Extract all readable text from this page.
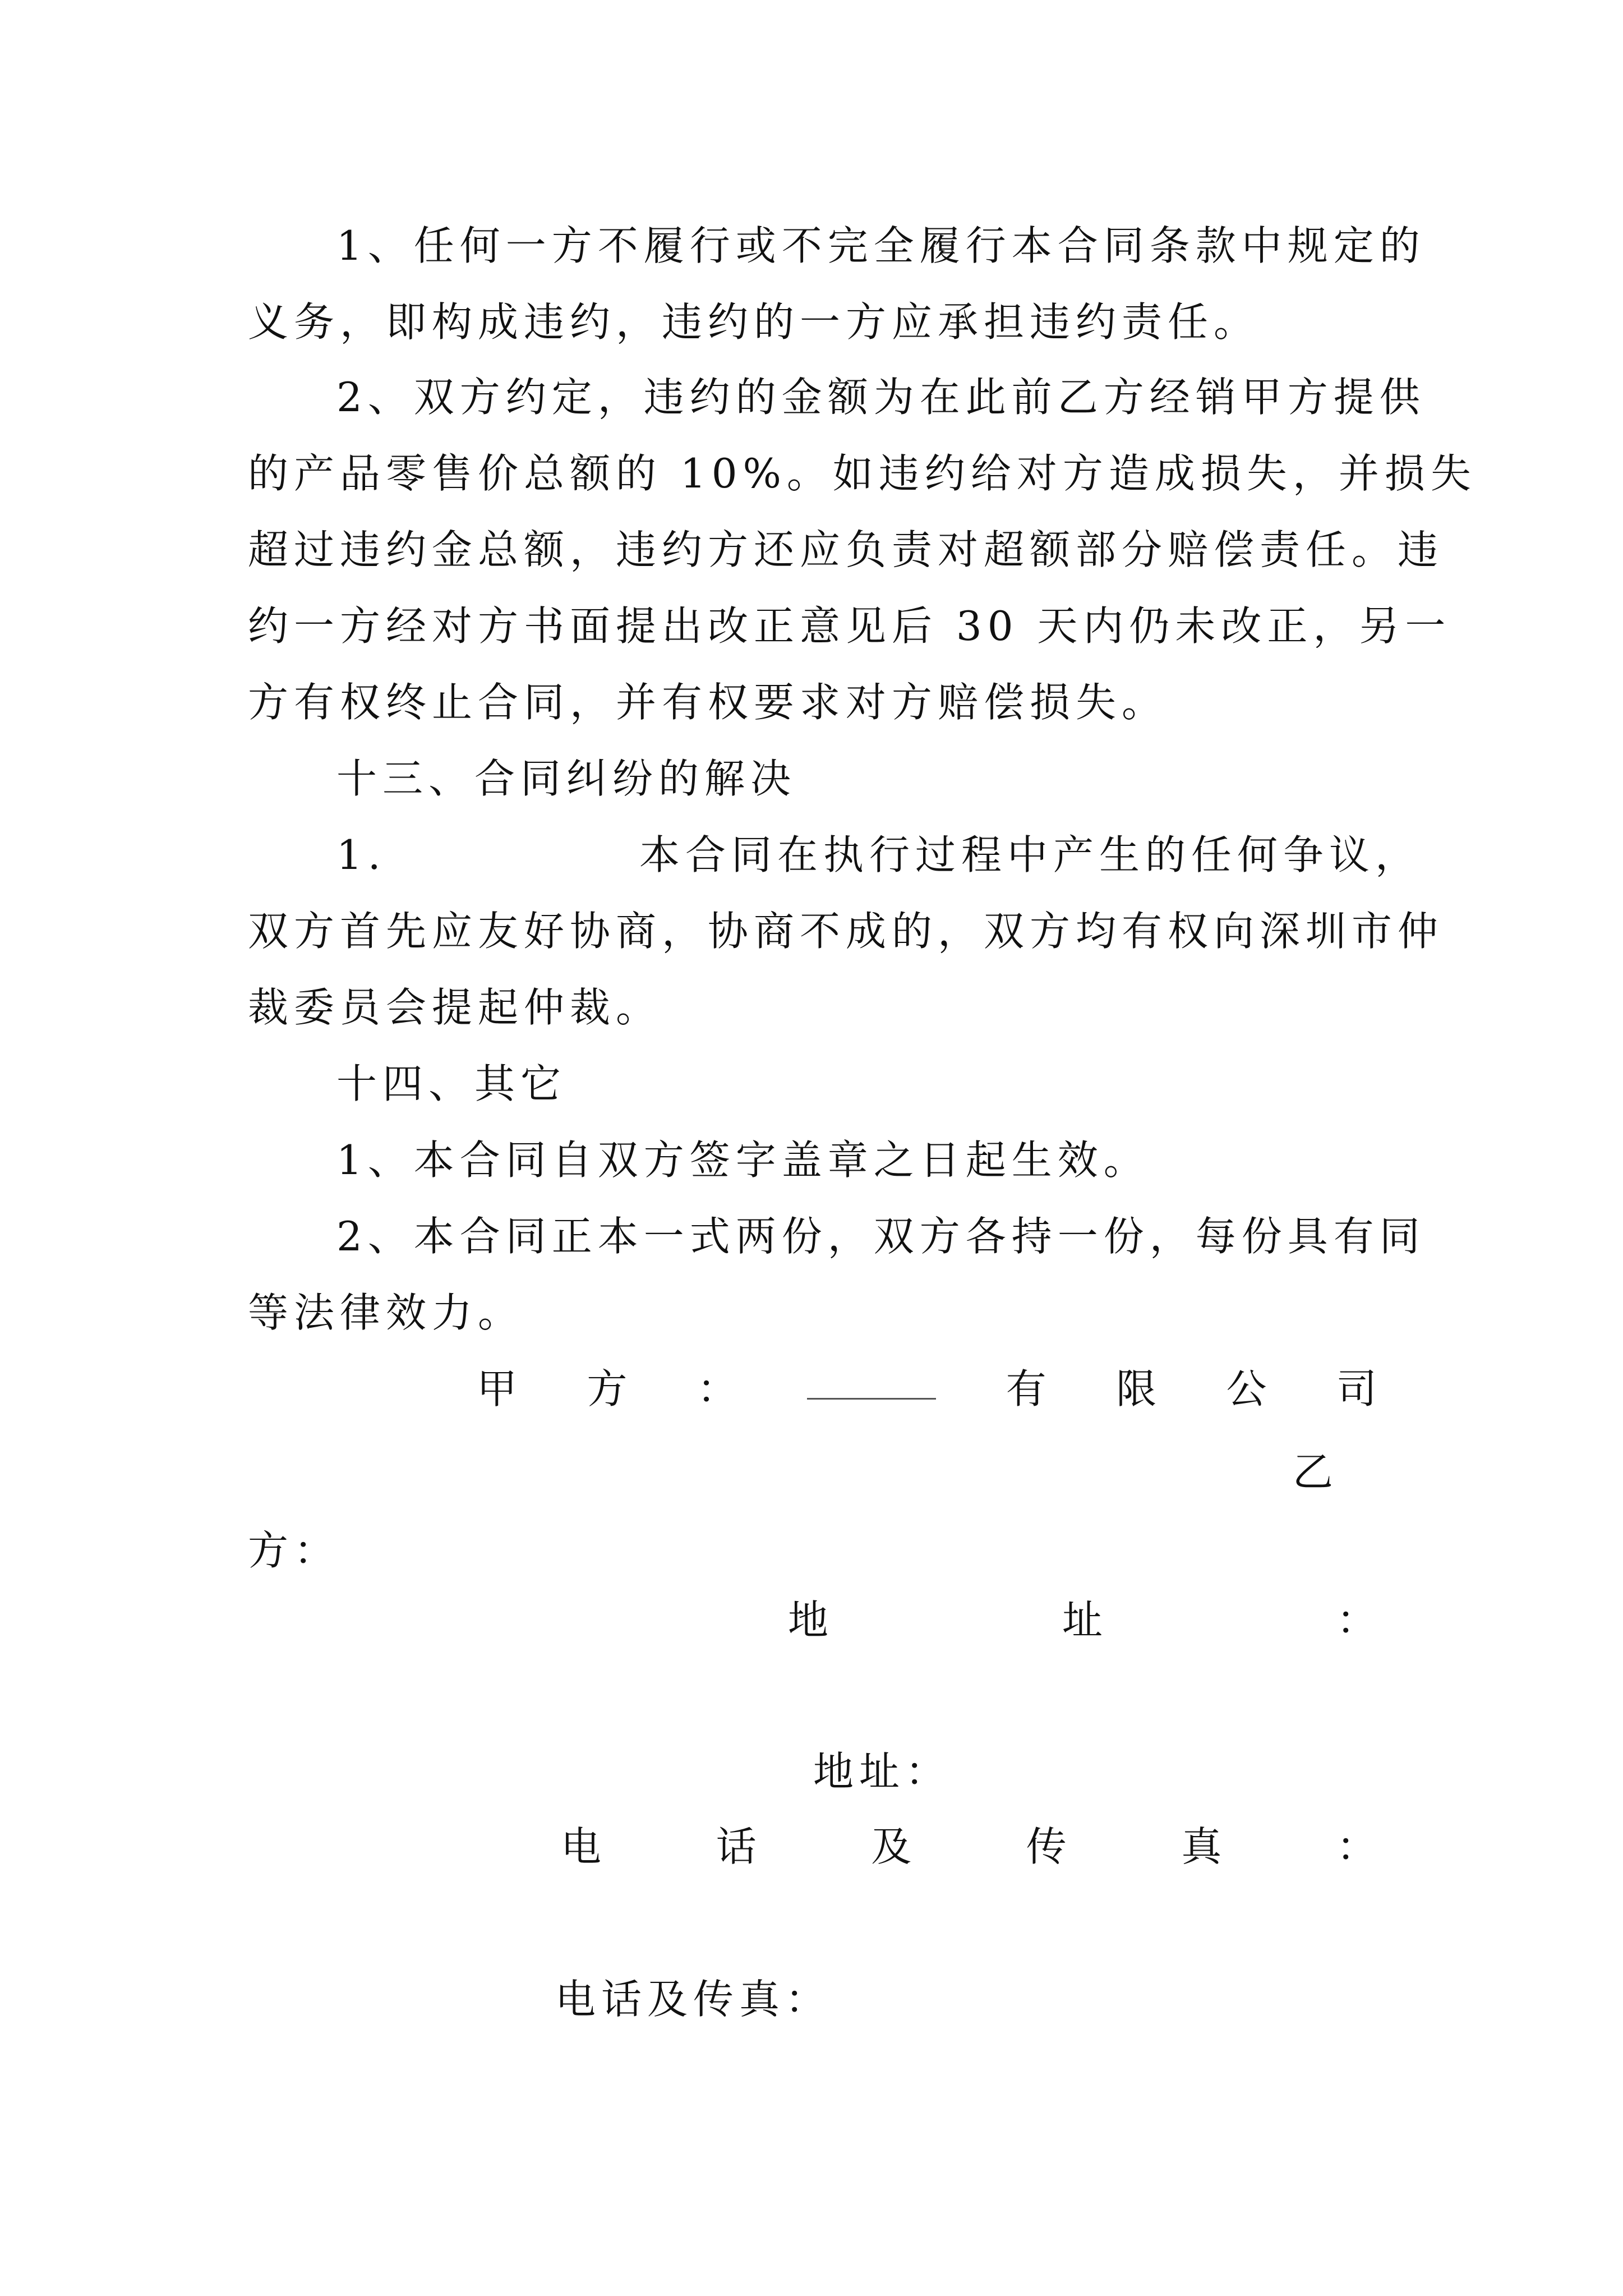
1、任何一方不履行或不完全履行本合同条款中规定的
义务，即构成违约，违约的一方应承担违约责任。
2、双方约定，违约的金额为在此前乙方经销甲方提供
的产品零售价总额的 10%。如违约给对方造成损失，并损失
超过违约金总额，违约方还应负责对超额部分赔偿责任。违
约一方经对方书面提出改正意见后 30 天内仍未改正，另一
方有权终止合同，并有权要求对方赔偿损失。
十三、合同纠纷的解决
1.	本合同在执行过程中产生的任何争议，
双方首先应友好协商，协商不成的，双方均有权向深圳市仲
裁委员会提起仲裁。
十四、其它
1、本合同自双方签字盖章之日起生效。
2、本合同正本一式两份，双方各持一份，每份具有同
等法律效力。
甲 方 ：	有 限 公 司
乙
方：
地	址	：
地址：
电	话	及	传	真	：
电话及传真：
